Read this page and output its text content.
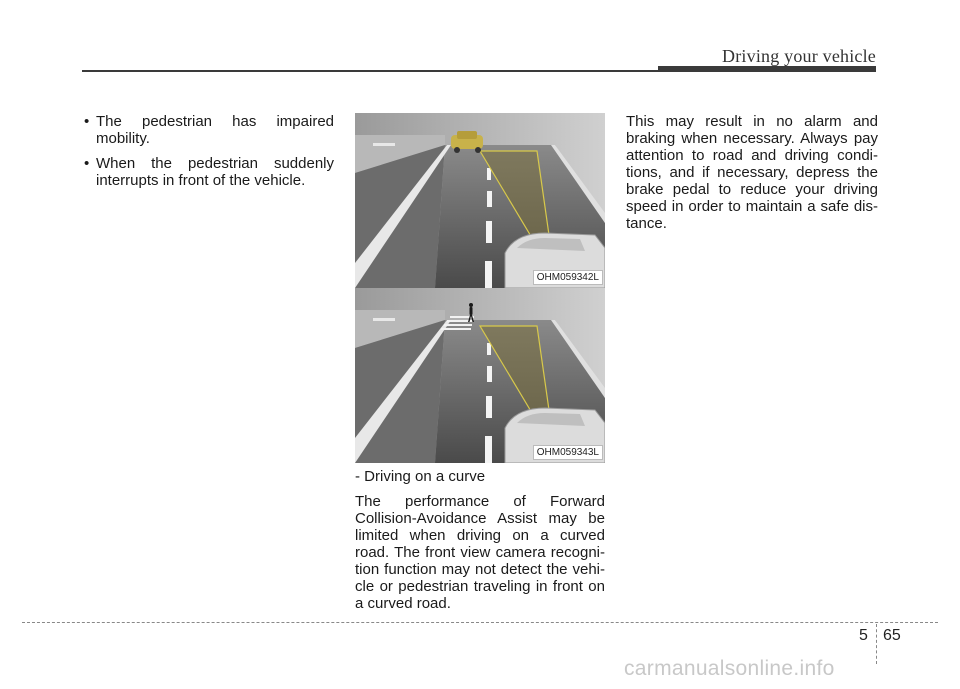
Driving your vehicle
• The pedestrian has impaired mobility.
• When the pedestrian suddenly interrupts in front of the vehicle.
OHM059342L
OHM059343L

- Driving on a curve

The performance of Forward Collision-Avoidance Assist may be limited when driving on a curved road. The front view camera recogni-tion function may not detect the vehi-cle or pedestrian traveling in front on a curved road.

This may result in no alarm and braking when necessary. Always pay attention to road and driving condi-tions, and if necessary, depress the brake pedal to reduce your driving speed in order to maintain a safe dis-tance.

5 65
carmanualsonline.info
